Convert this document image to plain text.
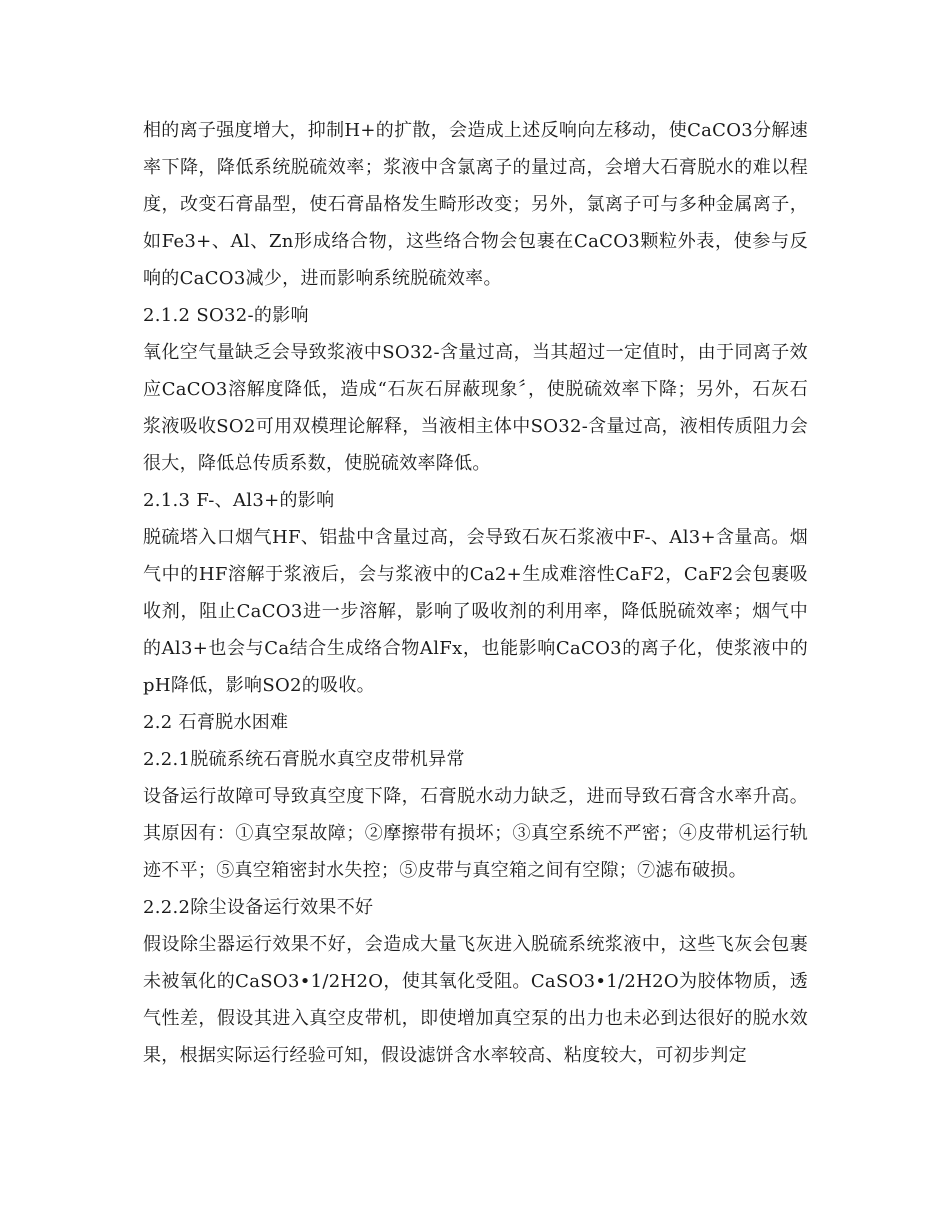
相的离子强度增大，抑制H+的扩散，会造成上述反响向左移动，使CaCO3分解速率下降，降低系统脱硫效率；浆液中含氯离子的量过高，会增大石膏脱水的难以程度，改变石膏晶型，使石膏晶格发生畸形改变；另外，氯离子可与多种金属离子，如Fe3+、Al、Zn形成络合物，这些络合物会包裹在CaCO3颗粒外表，使参与反响的CaCO3减少，进而影响系统脱硫效率。

2.1.2 SO32-的影响

氧化空气量缺乏会导致浆液中SO32-含量过高，当其超过一定值时，由于同离子效应CaCO3溶解度降低，造成“石灰石屏蔽现象〞，使脱硫效率下降；另外，石灰石浆液吸收SO2可用双模理论解释，当液相主体中SO32-含量过高，液相传质阻力会很大，降低总传质系数，使脱硫效率降低。

2.1.3 F-、Al3+的影响

脱硫塔入口烟气HF、铝盐中含量过高，会导致石灰石浆液中F-、Al3+含量高。烟气中的HF溶解于浆液后，会与浆液中的Ca2+生成难溶性CaF2，CaF2会包裹吸收剂，阻止CaCO3进一步溶解，影响了吸收剂的利用率，降低脱硫效率；烟气中的Al3+也会与Ca结合生成络合物AlFx，也能影响CaCO3的离子化，使浆液中的pH降低，影响SO2的吸收。

2.2 石膏脱水困难
2.2.1脱硫系统石膏脱水真空皮带机异常

设备运行故障可导致真空度下降，石膏脱水动力缺乏，进而导致石膏含水率升高。其原因有：①真空泵故障；②摩擦带有损坏；③真空系统不严密；④皮带机运行轨迹不平；⑤真空箱密封水失控；⑤皮带与真空箱之间有空隙；⑦滤布破损。

2.2.2除尘设备运行效果不好

假设除尘器运行效果不好，会造成大量飞灰进入脱硫系统浆液中，这些飞灰会包裹未被氧化的CaSO3•1/2H2O，使其氧化受阻。CaSO3•1/2H2O为胶体物质，透气性差，假设其进入真空皮带机，即使增加真空泵的出力也未必到达很好的脱水效果，根据实际运行经验可知，假设滤饼含水率较高、粘度较大，可初步判定
